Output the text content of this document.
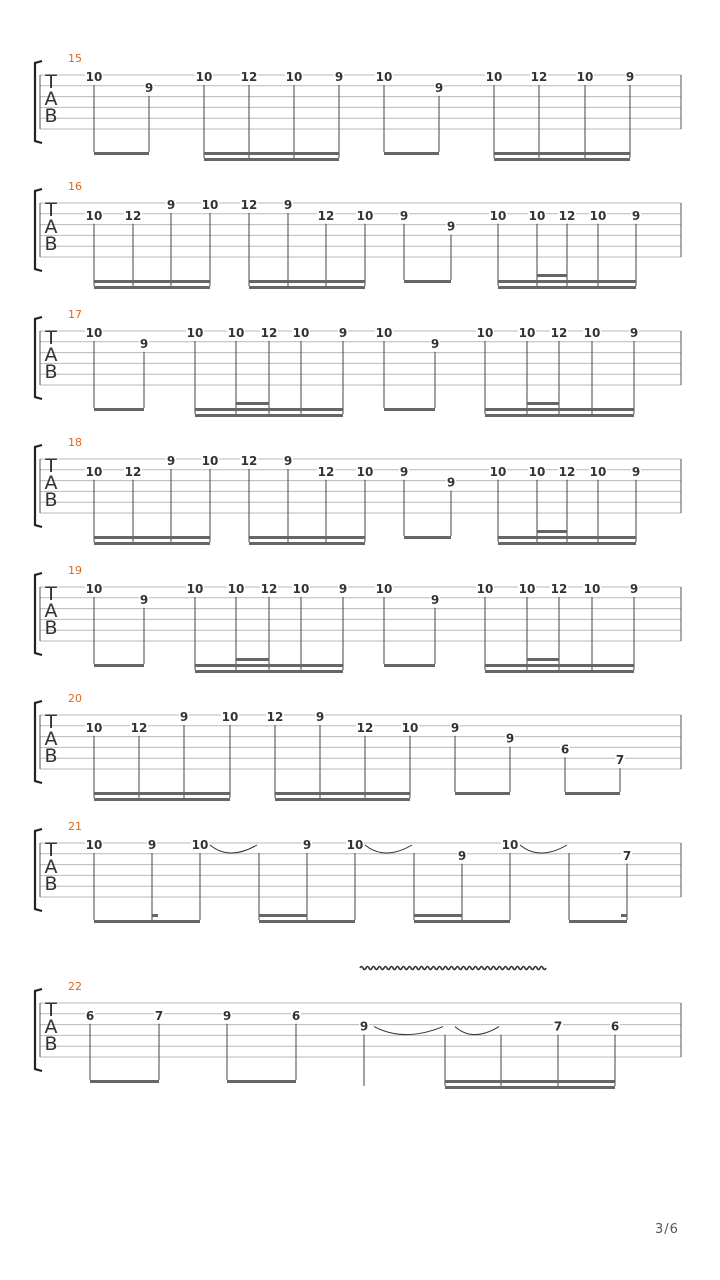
15
T
A
B
10
9
10 12 10	9	10
9
10 12 10	9
16
T
A
B
10 12
9 10 12 9
12 10 9
9
10 10 12 10 9
17
T
A
B
10
9
10 10 12 10 9 10
9
10 10 12 10 9
18
T
A
B
10 12
9 10 12 9
12 10 9
9
10 10 12 10 9
19
T
A
B
10
9
10 10 12 10 9 10
9
10 10 12 10 9
20
T
A
B
10 12
9	10 12	9
12 10	9
9
6
7
21
T
A
B
10	9	10	9	10
9
10
7
22
T
A
B
6	7	9	6
9	7	6
3/6
